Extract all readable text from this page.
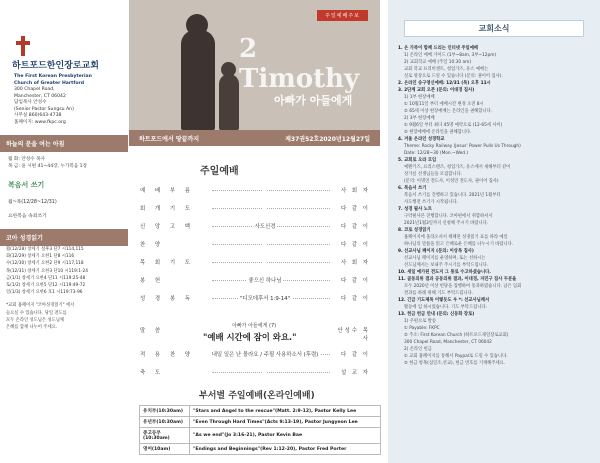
하트포드한인장로교회
The First Korean Presbyterian
Church of Greater Hartford
300 Chapel Road,
Manchester, CT 06042
담임목사 안성수
(Senior Pastor Sungsu An)
사무실 860)643-4738
홈페이지: www.fkpc.org
하늘의 문을 여는 아침
월 화: 안성수 목사
목 금: 윤 시편 41~44장, 누가복음 1장
복음서 쓰기
월~목(12/28~12/31)
요한복음 속죄쓰기
코아 성경읽기
월(12/28) 창세기 설후3 단7 시114,115
화(12/29) 창세기 요한1 단8 시116
수(12/30) 창세기 요한2 단9 시117,118
목(12/31) 창세기 요한3 단10 시119:1-24
금(1/1) 창세기 요한4 단11 시119:25-48
토(1/2) 창세기 요한5 단12 시119:49-72
일(1/3) 창세기 요한6 호1 시119:73-96
*교회 홈페이지 "코아성경읽기" 에서
들으실 수 있습니다. 당일 전도를
모두 온라인 성도님은 성도님께
은혜를 함께 나누어 주세요.
주일예배주보
2 Timothy
아빠가 아들에게
하트포드에서 땅끝까지	제37권52호2020년12월27일
주일예배
예 배 부 름	사 회 자
회 개 기 도	다 같 이
신 앙 고 백	사도신경	다 같 이
찬 양	다 같 이
목 회 기 도	사 회 자
봉 헌	좋으신 하나님	다 같 이
성 경 봉 독	"디모데후서 1:9-14"	다 같 이
말 씀	안성수 목사
적 용 찬 양	내일 일은 난 몰라요 / 주될 사용하소서 (후렴)	다 같 이
축 도	설 교 자
아빠가 아들에게 (7)
"예배 시간에 잠이 와요."
부서별 주일예배(온라인예배)
유치부(10:30am)	"Stars and Angel to the rescue"(Matt. 2:9-12), Pastor Kelly Lee
유년부(10:30am)	"Even Through Hard Times"(Acts 9:13-19), Pastor Jungyeon Lee
중고등부(10:30am)	"As we end"(Jo 3:16-21), Pastor Kevin Bae
영어(10am)	"Endings and Beginnings"(Rev 1:12-20), Pastor Fred Porter
교회소식

1. 온 가족이 함께 드리는 인터넷 주일예배

1) 온라인 예배 가이드 (1부~8am, 3부~12pm)

2) 교회학교 예배 (주일 10:30 am)

교회 학교 프리비센트, 청업가즈, 유스 예배는

실로 영상으로 드릴 수 있습니다 (문의: 권이어 집사).

2. 온라인 송구영신예배: 12/31 (목) 오후 11시

3. 2단계 교회 오픈 (문의: 이대경 집사)

1) 1부 현장예배

① 10월11일 부터 예배시간 변경 오전 8시

② 65세 이상 현장예배는 온라인을 권해합니다.

2) 3부 현장예배

① 9월6일 부터 최다 45명 예약으로 (12-65세 사이)

② 현장예배에 온라인을 권해합니다.

4. 겨울 온라인 성경학교

Theme: Rocky Railway (Jesus' Power Pulls Us Through)

Date: 12/28~30 (Mon.~Wed.)

5. 교회로 오라 모임

예렌키즈, 프리스텐즈, 청업가즈, 유스에서 새해부터 같이

성가실 선생님들을 모집합니다.

(문의: 이명연 전도사, 이정연 전도사, 권이어 집사)

6. 복음서 쓰기

복음서 쓰기를 진행하고 있습니다. 2021년 1월부터

사도행전 쓰기가 시작됩니다.

7. 성경 필사 노트

구약필사본 진행합니다. 코아편에서 취합하셔서

2021년1월3일까지 신청해 주시기 바랍니다.

8. 코로 성경읽기

홈페이지에 올라오셔서 책페된 성경읽기 표를 따라 예일

하나님의 말씀을 읽고 은혜로운 은혜를 나누시기 바랍니다.

9. 선교사님 페이지 (문의: 이상목 집사)

선교사님 페이지를 운영하며, 또는 선하시는

선도님께서는 보내주 주시기를 부탁드립니다.

10. 새일 예가된 전도지 그 통로 수고하셨습니다.

11. 골동의위 결과 공동의위 결과, 이대경, 지민구 집사 두분을

모두 2020년 이상 헌당을 집행하여 통과하였습니다. 남은 임회

결과를 하례 위해 기도 부탁드립니다.

12. 긴급 기도제목 이렇듯도 우 *: 선교사님께서

활동에 임 하시었습니다. 기도 부탁드립니다.

13. 헌금 헌금 안내 (문의: 신동화 장로)

1) 우편으로 발송

① Payable: FKPC

② 주소: First Korean Church (하트포드제일장로교회)

300 Chapel Road, Manchester, CT 06042

2) 온라인 헌금

① 교회 홈페이지를 통해서 Paypal로 드릴 수 있습니다.

② 헌금 항목(십일조,선교), 헌금 번호를 기재해주세요.
